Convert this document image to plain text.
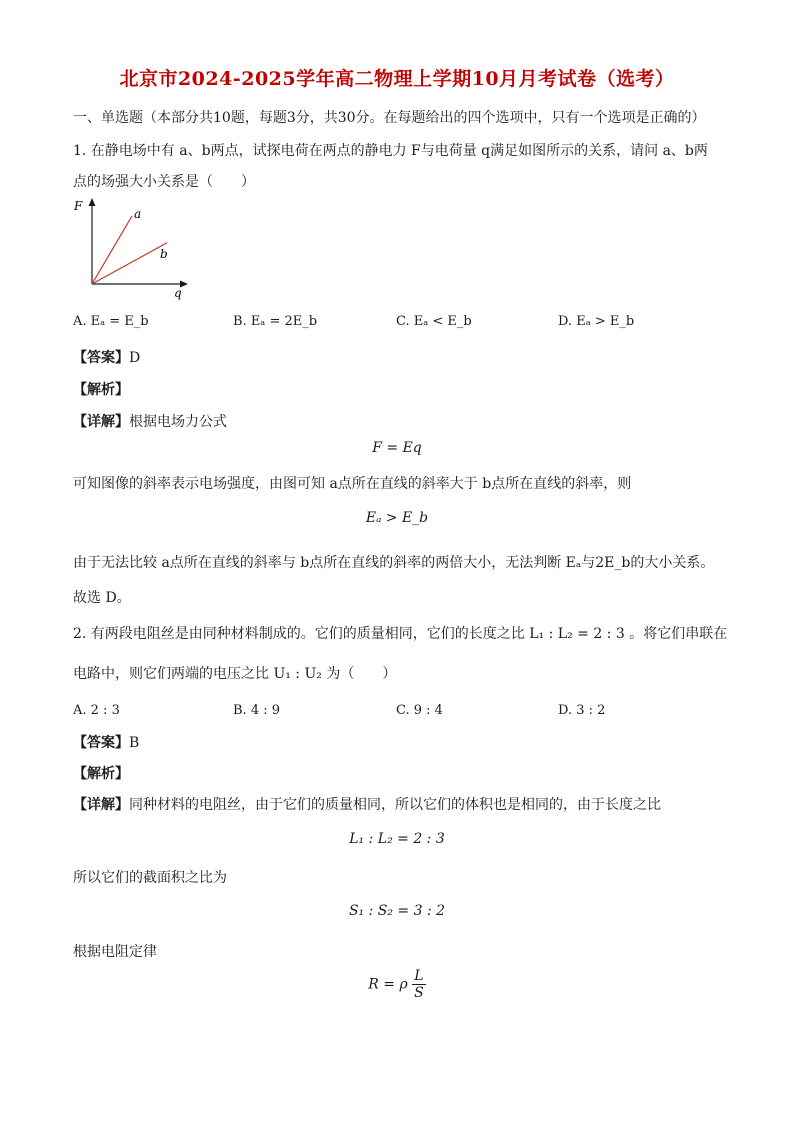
北京市2024-2025学年高二物理上学期10月月考试卷（选考）
一、单选题（本部分共10题，每题3分，共30分。在每题给出的四个选项中，只有一个选项是正确的）
1. 在静电场中有 a、b两点，试探电荷在两点的静电力 F与电荷量 q满足如图所示的关系，请问 a、b两
点的场强大小关系是（　　）
F
q
a
b
A. Eₐ = E_b	B. Eₐ = 2E_b	C. Eₐ < E_b	D. Eₐ > E_b
【答案】D
【解析】
【详解】根据电场力公式
F = Eq
可知图像的斜率表示电场强度，由图可知 a点所在直线的斜率大于 b点所在直线的斜率，则
Eₐ > E_b
由于无法比较 a点所在直线的斜率与 b点所在直线的斜率的两倍大小，无法判断 Eₐ与2E_b的大小关系。
故选 D。
2. 有两段电阻丝是由同种材料制成的。它们的质量相同，它们的长度之比 L₁ : L₂ = 2 : 3 。将它们串联在
电路中，则它们两端的电压之比 U₁ : U₂ 为（　　）
A. 2 : 3	B. 4 : 9	C. 9 : 4	D. 3 : 2
【答案】B
【解析】
【详解】同种材料的电阻丝，由于它们的质量相同，所以它们的体积也是相同的，由于长度之比
L₁ : L₂ = 2 : 3
所以它们的截面积之比为
S₁ : S₂ = 3 : 2
根据电阻定律
R = ρ $\frac{L}{S}$
